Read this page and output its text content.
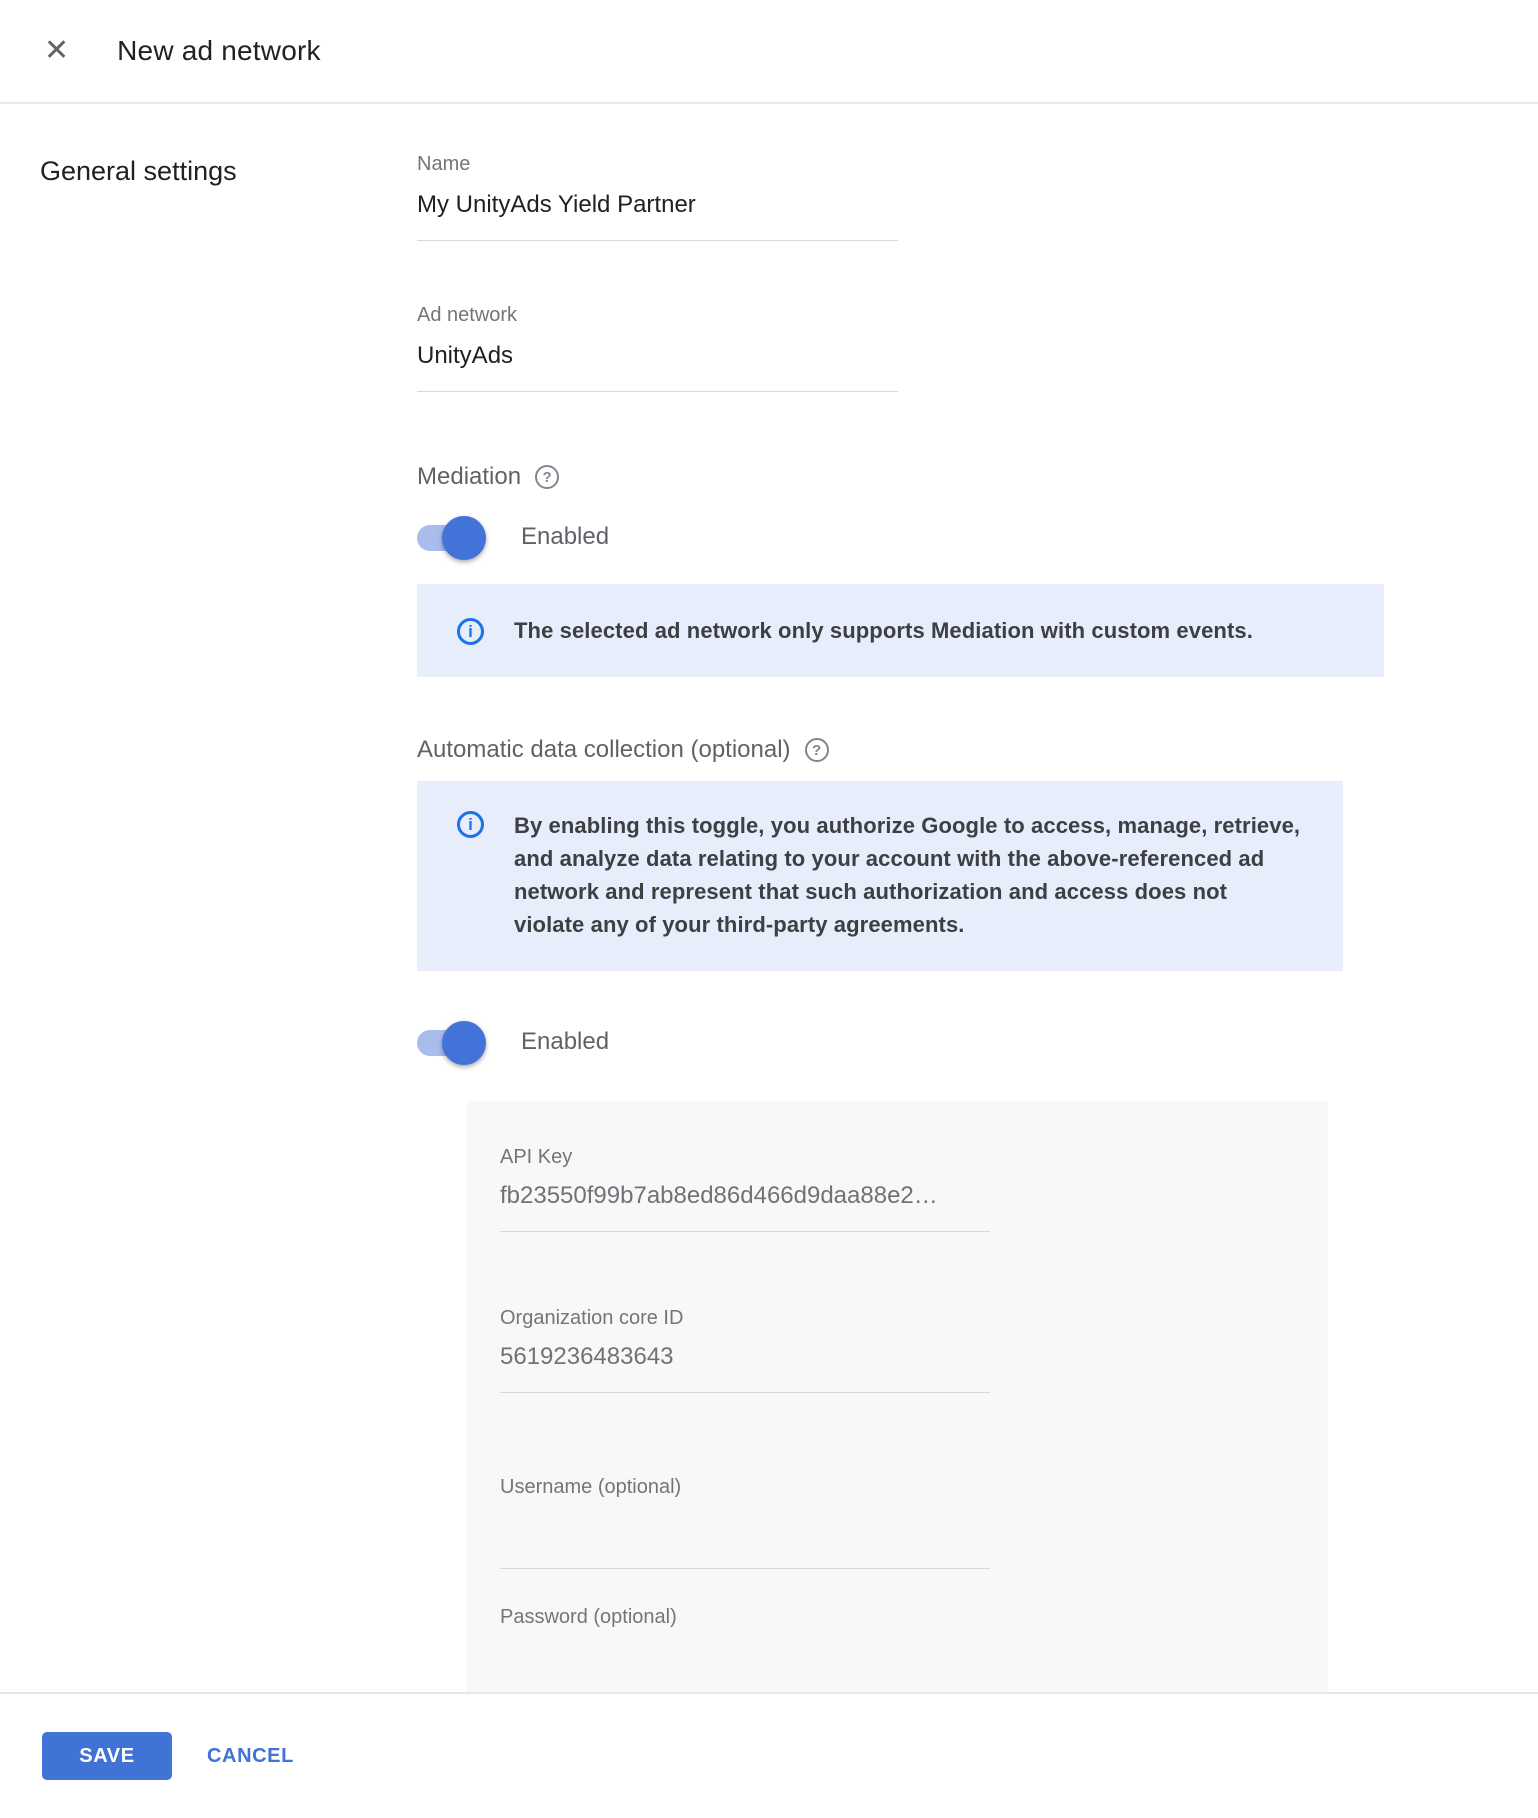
✕ New ad network
General settings	Name
My UnityAds Yield Partner
Ad network
UnityAds
Mediation	?
Enabled
i	The selected ad network only supports Mediation with custom events.

Automatic data collection (optional)	?
i	By enabling this toggle, you authorize Google to access, manage, retrieve, and analyze data relating to your account with the above-referenced ad network and represent that such authorization and access does not violate any of your third-party agreements.

Enabled
API Key
fb23550f99b7ab8ed86d466d9daa88e2…
Organization core ID
5619236483643
Username (optional)
Password (optional)
SAVE	CANCEL
